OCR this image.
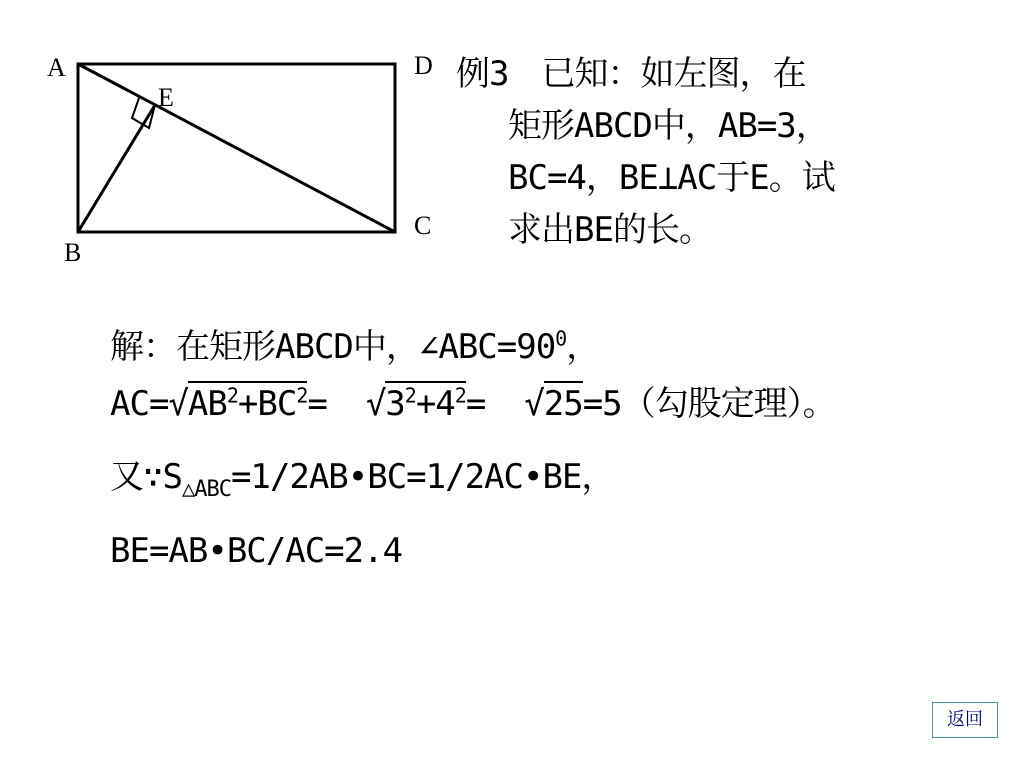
A	D
B
C
E
例3　已知：如左图，在
矩形ABCD中，AB=3，
BC=4，BE⊥AC于E。试
求出BE的长。
解：在矩形ABCD中，$\angle ABC=90^0$，
$AC=√AB^2+BC^2= √3^2+4^2= √25=5$（勾股定理）。
又$\because S_{\triangle ABC}=1/2AB•BC=1/2AC•BE$，
BE=AB•BC/AC=2.4
返回
